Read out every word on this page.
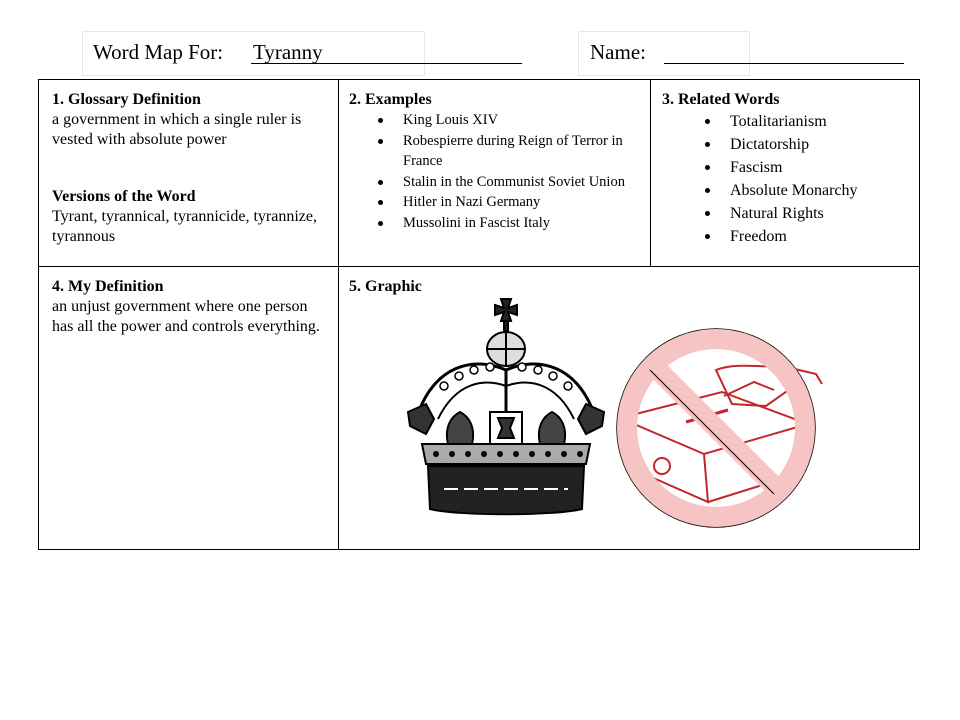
Word Map For: Tyranny	Name:

1. Glossary Definition

a government in which a single ruler is vested with absolute power

Versions of the Word

Tyrant, tyrannical, tyrannicide, tyrannize, tyrannous

2. Examples

King Louis XIV
Robespierre during Reign of Terror in France
Stalin in the Communist Soviet Union
Hitler in Nazi Germany
Mussolini in Fascist Italy

3. Related Words

Totalitarianism
Dictatorship
Fascism
Absolute Monarchy
Natural Rights
Freedom

4. My Definition

an unjust government where one person has all the power and controls everything.

5. Graphic
